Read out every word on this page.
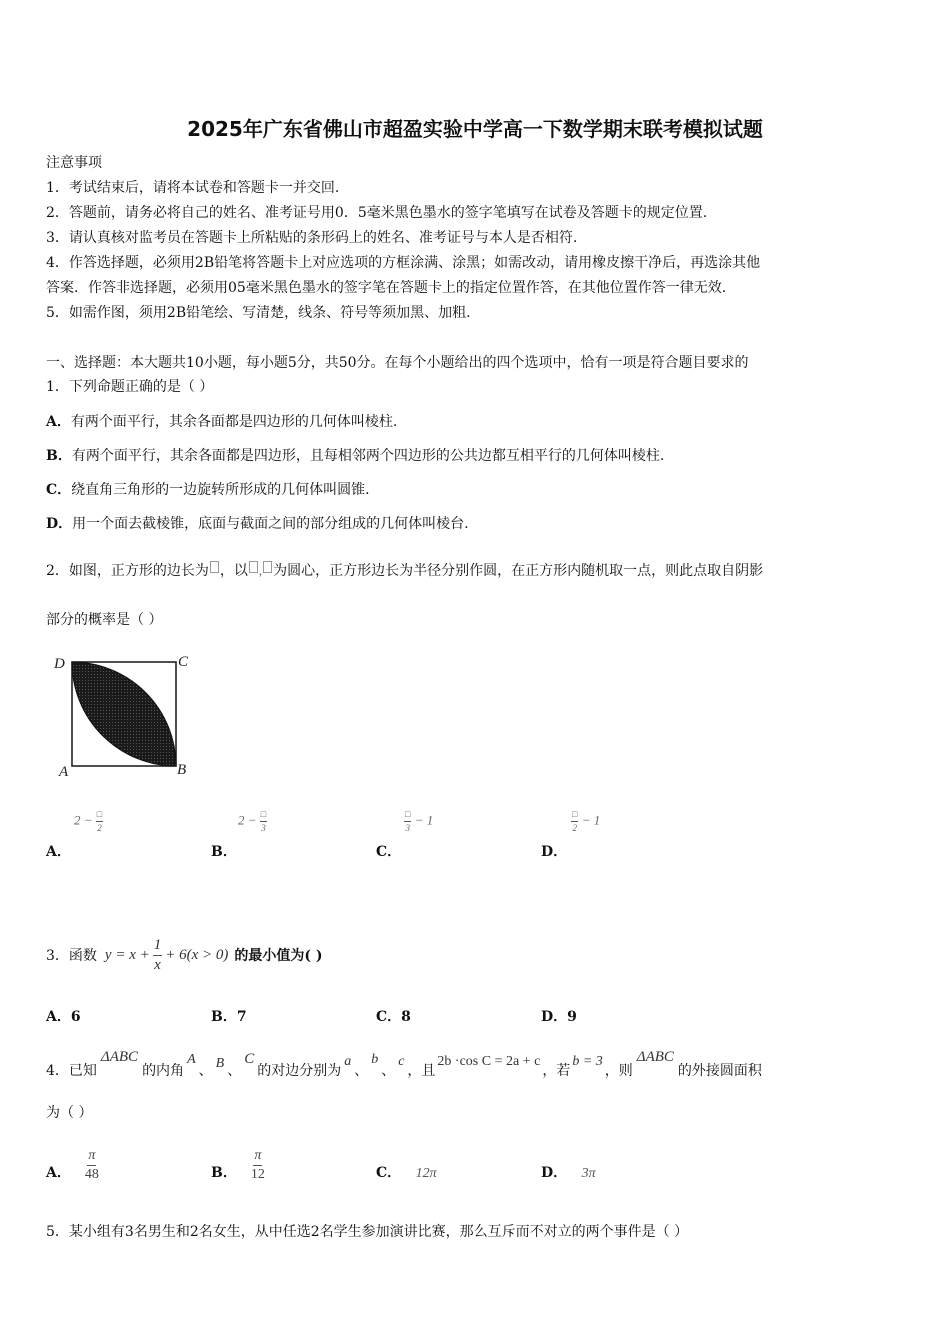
2025年广东省佛山市超盈实验中学高一下数学期末联考模拟试题
注意事项
1．考试结束后，请将本试卷和答题卡一并交回.
2．答题前，请务必将自己的姓名、准考证号用0．5毫米黑色墨水的签字笔填写在试卷及答题卡的规定位置.
3．请认真核对监考员在答题卡上所粘贴的条形码上的姓名、准考证号与本人是否相符.
4．作答选择题，必须用2B铅笔将答题卡上对应选项的方框涂满、涂黑；如需改动，请用橡皮擦干净后，再选涂其他
答案．作答非选择题，必须用05毫米黑色墨水的签字笔在答题卡上的指定位置作答，在其他位置作答一律无效.
5．如需作图，须用2B铅笔绘、写清楚，线条、符号等须加黑、加粗.
一、选择题：本大题共10小题，每小题5分，共50分。在每个小题给出的四个选项中，恰有一项是符合题目要求的
1．下列命题正确的是（ ）
A．有两个面平行，其余各面都是四边形的几何体叫棱柱.
B．有两个面平行，其余各面都是四边形，且每相邻两个四边形的公共边都互相平行的几何体叫棱柱.
C．绕直角三角形的一边旋转所形成的几何体叫圆锥.
D．用一个面去截棱锥，底面与截面之间的部分组成的几何体叫棱台.
2．如图，正方形的边长为 ，以 , 为圆心，正方形边长为半径分别作圆，在正方形内随机取一点，则此点取自阴影
部分的概率是（ ）
D	C
A	B
$2 - \frac{□}{2}$
A．
$2 - \frac{□}{3}$
B．
$\frac{□}{3} - 1$
C．
$\frac{□}{2} - 1$
D．
3． 函数 $y = x + \frac{1}{x} + 6(x > 0)$ 的最小值为( )
A．6	B．7	C．8	D．9
4． 已知
ΔABC
的内角
A
、 B 、
C
的对边分别为
a
、
b
、
c
，且
2b ·cos C = 2a + c
，若
b = 3
，则
ΔABC
的外接圆面积
为（ ）
A． $\frac{\pi}{48}$	B． $\frac{\pi}{12}$	C． 12π	D． 3π
5．某小组有3名男生和2名女生，从中任选2名学生参加演讲比赛，那么互斥而不对立的两个事件是（ ）
